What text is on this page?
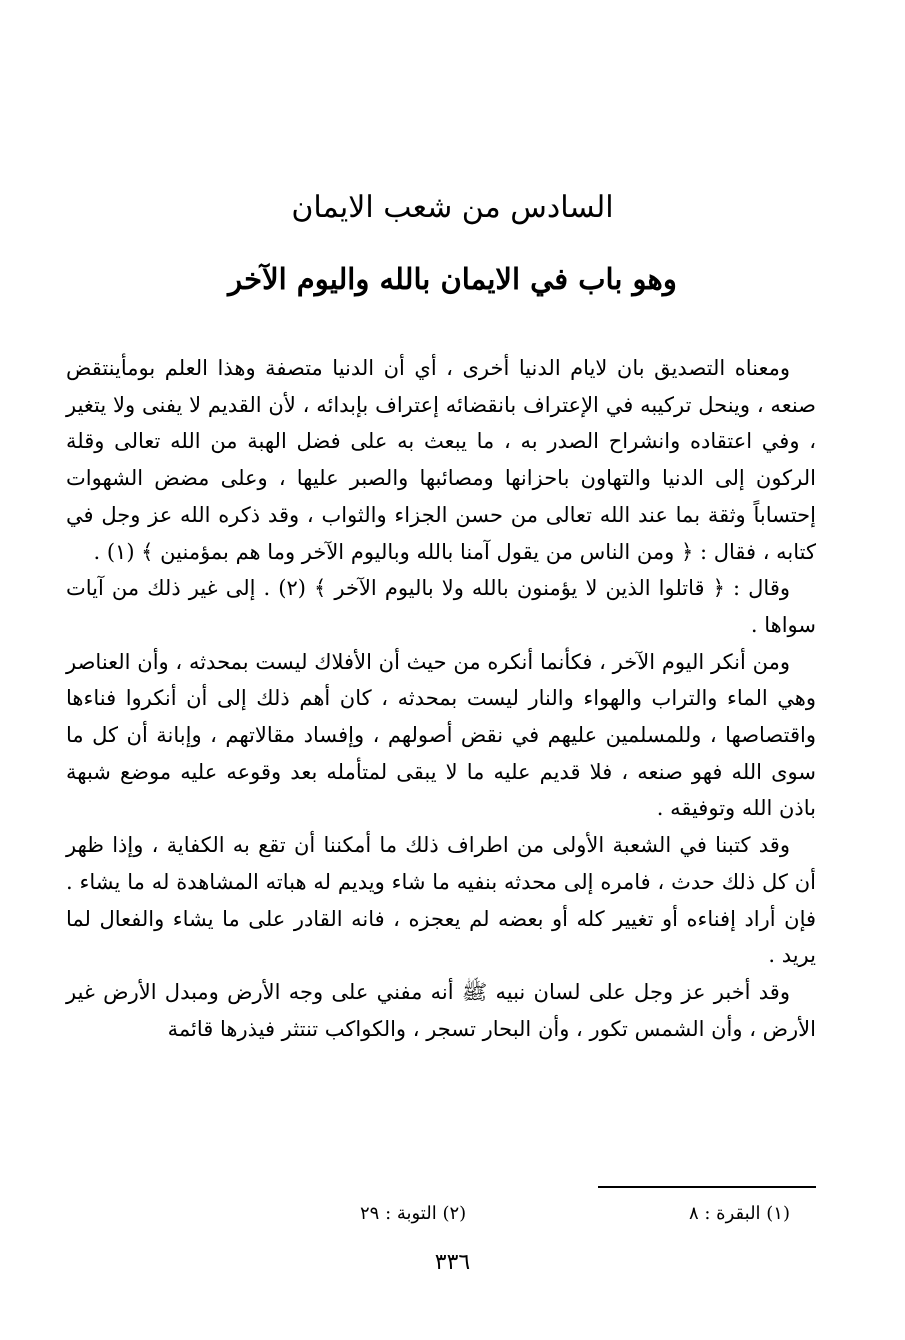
السادس من شعب الايمان
وهو باب في الايمان بالله واليوم الآخر

ومعناه التصديق بان لايام الدنيا أخرى ، أي أن الدنيا متصفة وهذا العلم بومأينتقض صنعه ، وينحل تركيبه في الإعتراف بانقضائه إعتراف بإبدائه ، لأن القديم لا يفنى ولا يتغير ، وفي اعتقاده وانشراح الصدر به ، ما يبعث به على فضل الهبة من الله تعالى وقلة الركون إلى الدنيا والتهاون باحزانها ومصائبها والصبر عليها ، وعلى مضض الشهوات إحتساباً وثقة بما عند الله تعالى من حسن الجزاء والثواب ، وقد ذكره الله عز وجل في كتابه ، فقال : ﴿ ومن الناس من يقول آمنا بالله وباليوم الآخر وما هم بمؤمنين ﴾ (١) .

وقال : ﴿ قاتلوا الذين لا يؤمنون بالله ولا باليوم الآخر ﴾ (٢) . إلى غير ذلك من آيات سواها .

ومن أنكر اليوم الآخر ، فكأنما أنكره من حيث أن الأفلاك ليست بمحدثه ، وأن العناصر وهي الماء والتراب والهواء والنار ليست بمحدثه ، كان أهم ذلك إلى أن أنكروا فناءها واقتصاصها ، وللمسلمين عليهم في نقض أصولهم ، وإفساد مقالاتهم ، وإبانة أن كل ما سوى الله فهو صنعه ، فلا قديم عليه ما لا يبقى لمتأمله بعد وقوعه عليه موضع شبهة باذن الله وتوفيقه .

وقد كتبنا في الشعبة الأولى من اطراف ذلك ما أمكننا أن تقع به الكفاية ، وإذا ظهر أن كل ذلك حدث ، فامره إلى محدثه بنفيه ما شاء ويديم له هباته المشاهدة له ما يشاء . فإن أراد إفناءه أو تغيير كله أو بعضه لم يعجزه ، فانه القادر على ما يشاء والفعال لما يريد .

وقد أخبر عز وجل على لسان نبيه ﷺ أنه مفني على وجه الأرض ومبدل الأرض غير الأرض ، وأن الشمس تكور ، وأن البحار تسجر ، والكواكب تنتثر فيذرها قائمة

(١) البقرة : ٨
(٢) التوبة : ٢٩
٣٣٦
